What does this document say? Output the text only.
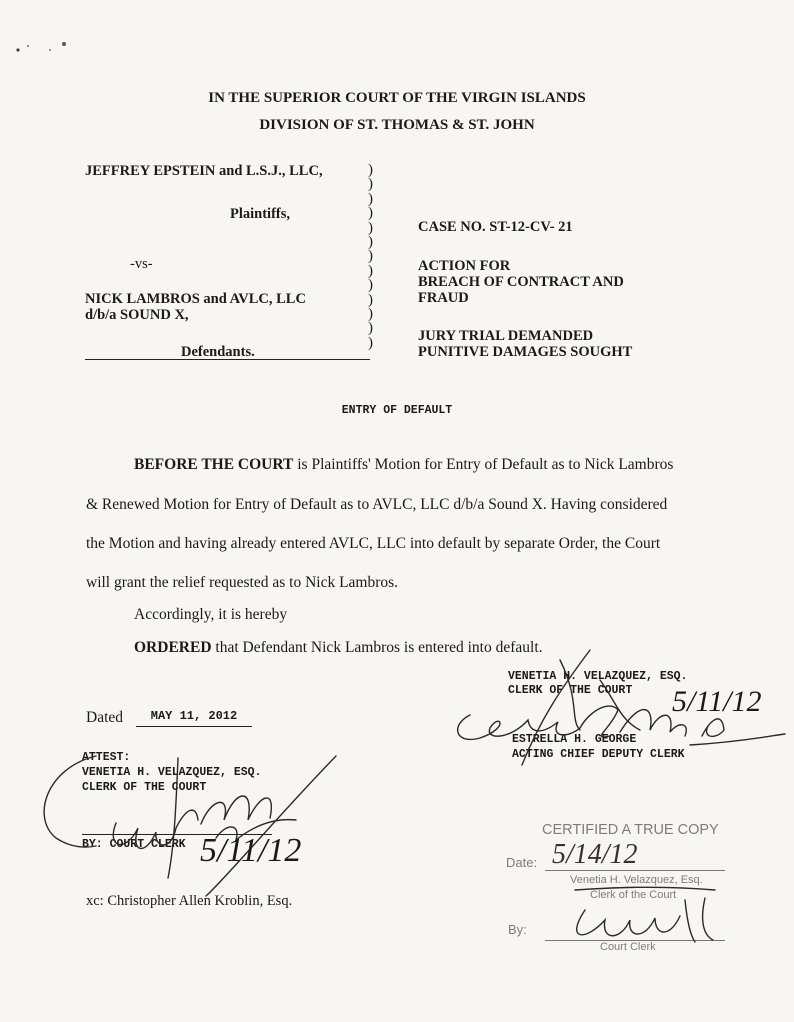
IN THE SUPERIOR COURT OF THE VIRGIN ISLANDS
DIVISION OF ST. THOMAS & ST. JOHN
JEFFREY EPSTEIN and L.S.J., LLC,
Plaintiffs,
-vs-
NICK LAMBROS and AVLC, LLC
d/b/a SOUND X,
Defendants.
)
)
)
)
)
)
)
)
)
)
)
)
)
CASE NO. ST-12-CV- 21
ACTION FOR
BREACH OF CONTRACT AND
FRAUD
JURY TRIAL DEMANDED
PUNITIVE DAMAGES SOUGHT
ENTRY OF DEFAULT
BEFORE THE COURT is Plaintiffs' Motion for Entry of Default as to Nick Lambros
& Renewed Motion for Entry of Default as to AVLC, LLC d/b/a Sound X. Having considered
the Motion and having already entered AVLC, LLC into default by separate Order, the Court
will grant the relief requested as to Nick Lambros.
Accordingly, it is hereby
ORDERED that Defendant Nick Lambros is entered into default.
VENETIA H. VELAZQUEZ, ESQ.
CLERK OF THE COURT
ESTRELLA H. GEORGE
ACTING CHIEF DEPUTY CLERK
5/11/12
Dated	MAY 11, 2012
ATTEST:
VENETIA H. VELAZQUEZ, ESQ.
CLERK OF THE COURT
BY: COURT CLERK 5/11/12
xc: Christopher Allen Kroblin, Esq.
CERTIFIED A TRUE COPY
Date: 5/14/12
Venetia H. Velazquez, Esq.
Clerk of the Court
By:
Court Clerk
